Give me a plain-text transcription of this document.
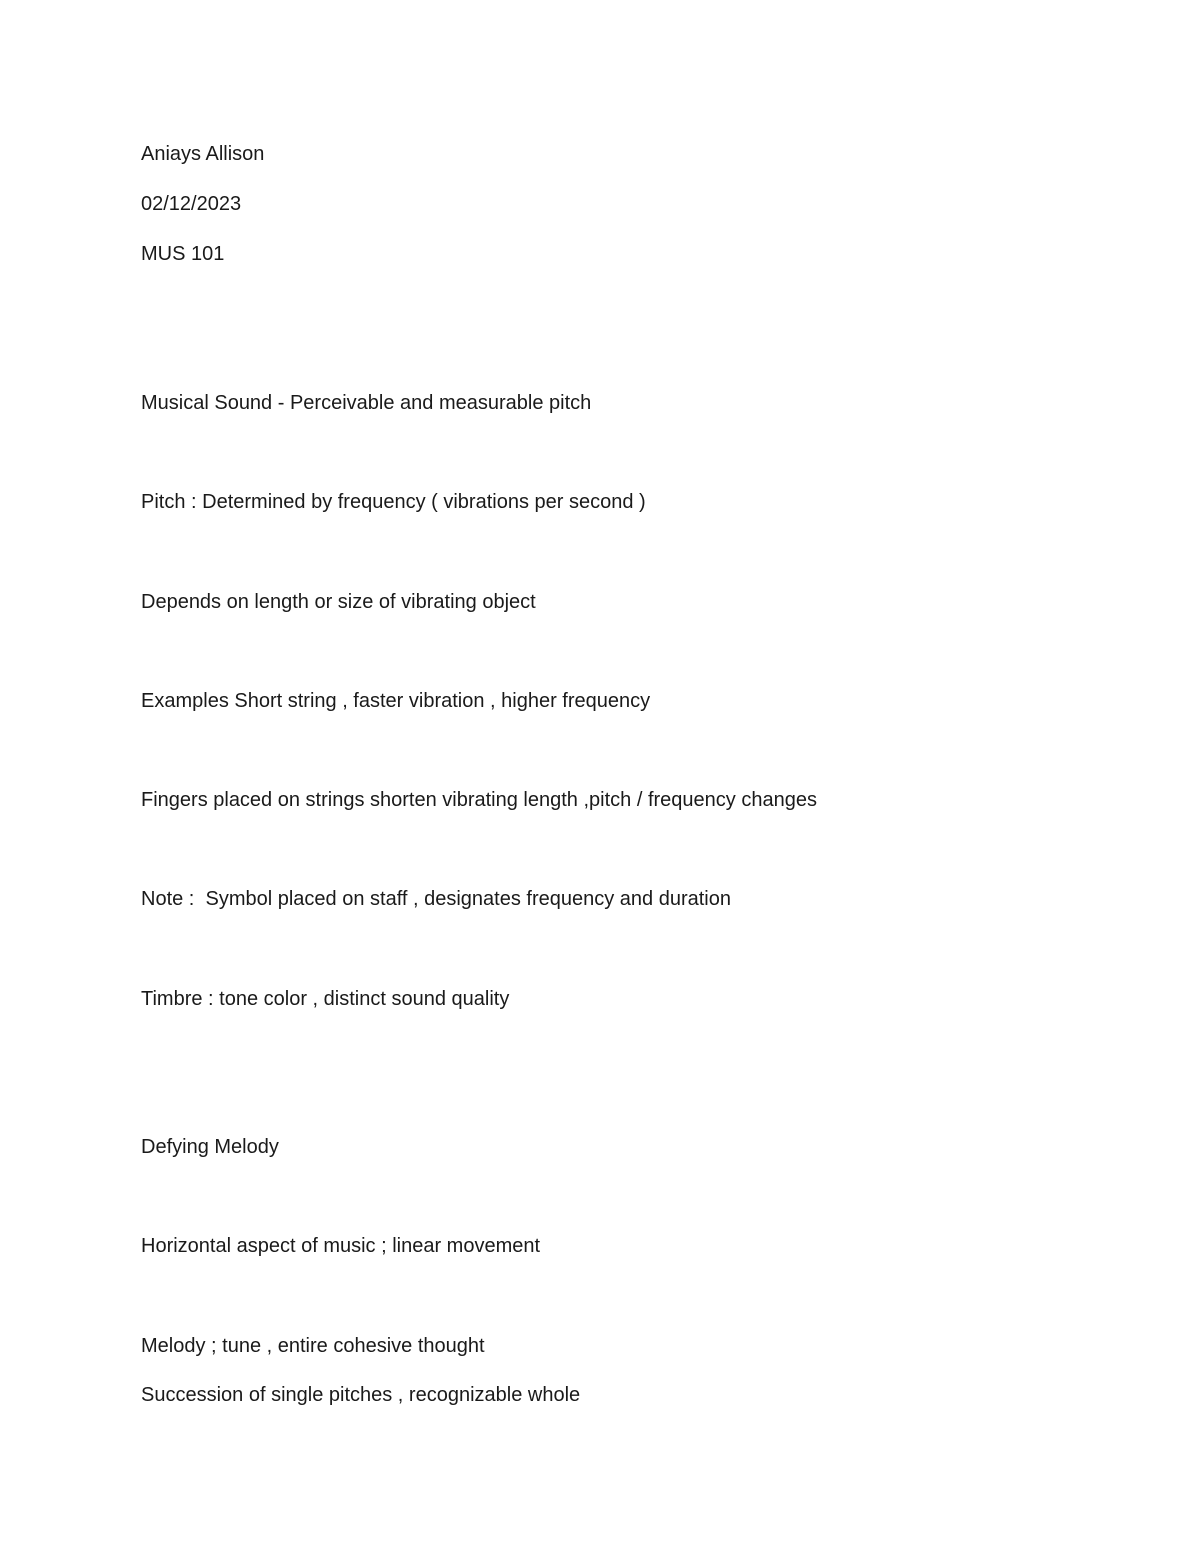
Aniays Allison
02/12/2023
MUS 101
Musical Sound - Perceivable and measurable pitch
Pitch : Determined by frequency ( vibrations per second )
Depends on length or size of vibrating object
Examples Short string , faster vibration , higher frequency
Fingers placed on strings shorten vibrating length ,pitch / frequency changes
Note :  Symbol placed on staff , designates frequency and duration
Timbre : tone color , distinct sound quality
Defying Melody
Horizontal aspect of music ; linear movement
Melody ; tune , entire cohesive thought
Succession of single pitches , recognizable whole
